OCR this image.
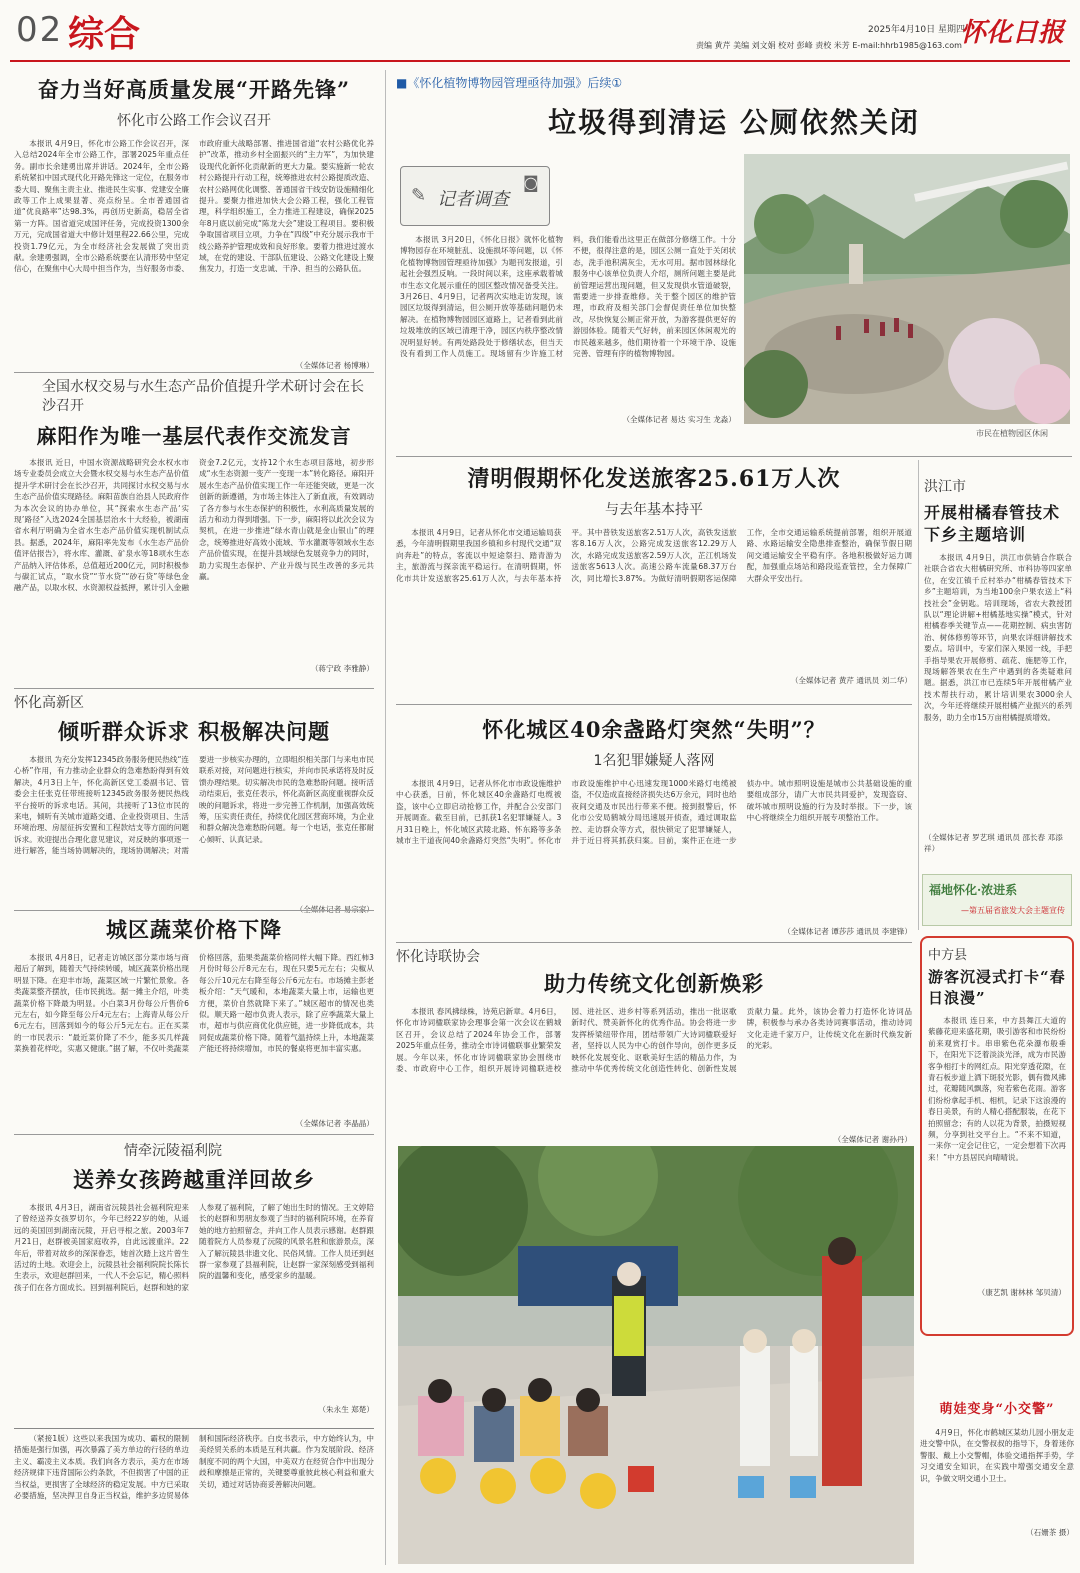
02 综合	2025年4月10日 星期四
怀化日报
责编 黄芹 美编 刘文娟 校对 彭峰 责校 米芳 E-mail:hhrb1985@163.com
奋力当好高质量发展“开路先锋”
怀化市公路工作会议召开
本报讯 4月9日，怀化市公路工作会议召开，深入总结2024年全市公路工作，部署2025年重点任务。副市长余建勇出席并讲话。2024年，全市公路系统紧扣中国式现代化开路先锋这一定位，在服务市委大局、聚焦主责主业、推进民生实事、党建安全廉政等工作上成果显著、亮点纷呈。全市普通国省道“优良路率”达98.3%，再创历史新高，稳居全省第一方阵。国省道完成国评任务，完成投资1300余万元，完成国省道大中修计划里程22.66公里，完成投资1.79亿元，为全市经济社会发展做了突出贡献。余建勇强调，全市公路系统要在认清形势中坚定信心，在聚焦中心大局中担当作为，当好服务市委、市政府重大战略部署、推进国省道“农村公路优化养护”改革，推动乡村全面振兴的“主力军”，为加快建设现代化新怀化贡献新的更大力量。要实施新一轮农村公路提升行动工程，统筹推进农村公路提质改造、农村公路网优化调整、普通国省干线安防设施精细化提升。要聚力推进加快大会公路工程，强化工程管理，科学组织施工，全力推进工程建设，确保2025年8月底以前完成“陈龙大会”建设工程项目。要积极争取国省项目立项，力争在“四级”中充分展示我市干线公路养护管理成效和良好形象。要着力推进过渡水域，在党的建设、干部队伍建设、公路文化建设上聚焦发力，打造一支忠诚、干净、担当的公路队伍。
（全媒体记者 杨博琳）
全国水权交易与水生态产品价值提升学术研讨会在长沙召开
麻阳作为唯一基层代表作交流发言
本报讯 近日，中国水资源战略研究会水权水市场专业委员会成立大会暨水权交易与水生态产品价值提升学术研讨会在长沙召开，共同探讨水权交易与水生态产品价值实现路径。麻阳苗族自治县人民政府作为本次会议的协办单位，其“探索水生态产品‘实现’路径”入选2024全国基层治水十大经验，被湖南省水利厅明确为全省水生态产品价值实现机制试点县。据悉，2024年，麻阳率先发布《水生态产品价值评估报告》，将水库、灌溉、矿泉水等18项水生态产品纳入评估体系，总值超近200亿元，同时积极参与碳汇试点，“取水贷”“节水贷”“砂石贷”等绿色金融产品，以取水权、水资源权益抵押，累计引入金融资金7.2亿元，支持12个水生态项目落地，初步形成“水生态资源一变产一变现一本”转化路径。麻阳开展水生态产品价值实现工作一年还能突破，更是一次创新的新遵循，为市场主体注入了新血液，有效调动了各方参与水生态保护的积极性，水利高质量发展的活力和动力得到增强。下一步，麻阳将以此次会议为契机，在进一步推进“绿水青山就是金山银山”的理念，统筹推进好高效小流域、节水灌溉等领域水生态产品价值实现，在提升县域绿色发展竞争力的同时，助力实现生态保护、产业升级与民生改善的多元共赢。
（蒋宁政 李雅静）
怀化高新区
倾听群众诉求 积极解决问题
本报讯 为充分发挥12345政务服务便民热线“连心桥”作用，有力推动企业群众的急难愁盼得到有效解决，4月3日上午，怀化高新区党工委副书记、管委会主任张克任带班接听12345政务服务便民热线平台接听的诉求电话。其间，共接听了13位市民的来电，倾听有关城市道路交通、企业投资项目、生活环境治理、房屋征拆安置和工程款结支等方面的问题诉求。欢迎提出合理化意见建议，对反映的事项逐一进行解答，能当场协调解决的，现场协调解决；对需要进一步核实办理的，立即组织相关部门与来电市民联系对接，对问题进行核实，并向市民承诺将及时反馈办理结果。切实解决市民的急难愁盼问题。接听活动结束后，张克任表示，怀化高新区高度重视群众反映的问题诉求，将进一步完善工作机制，加强高效统筹，压实责任责任，持续优化园区营商环境，为企业和群众解决急难愁盼问题。每一个电话，张克任都耐心倾听、认真记录。
城区蔬菜价格下降
本报讯 4月8日，记者走访城区部分菜市场与商超后了解到，随着天气持续转暖，城区蔬菜价格出现明显下降。在迎丰市场，蔬菜区域一片繁忙景象。各类蔬菜整齐摆放，佳市民挑选。据一摊主介绍，叶类蔬菜价格下降最为明显。小白菜3月份每公斤售价6元左右，如今降至每公斤4元左右；上海青从每公斤6元左右，回落到如今的每公斤5元左右。正在买菜的一市民表示：“最近菜价降了不少，能多买几样蔬菜换着花样吃，实惠又健康。”据了解，不仅叶类蔬菜价格回落，茄果类蔬菜价格同样大幅下降。西红柿3月份时每公斤8元左右，现在只要5元左右；尖椒从每公斤10元左右降至每公斤6元左右。市场摊主彭老板介绍：“天气暖和，本地蔬菜大量上市，运输也更方便，菜价自然就降下来了。”城区超市的情况也类似。顺天路一超市负责人表示，除了应季蔬菜大量上市，超市与供应商优化供应链，进一步降低成本，共同促成蔬菜价格下降。随着气温持续上升，本地蔬菜产能还将持续增加，市民的餐桌将更加丰富实惠。
（全媒体记者 李晶晶）
情牵沅陵福利院
送养女孩跨越重洋回故乡
本报讯 4月3日，湖南省沅陵县社会福利院迎来了曾经送养女孩罗切尔，今年已经22岁的她，从遥远的美国回到湖南沅陵，开启寻根之旅。2003年7月21日，赵群被美国家庭收养，自此远渡重洋。22年后，带着对故乡的深深眷恋，她首次踏上这片曾生活过的土地。欢迎会上，沅陵县社会福利院院长陈长生表示，欢迎赵群回来，一代人不会忘记，精心照料孩子们在各方面成长。回到福利院后，赵群和她的家人参观了福利院，了解了她出生时的情况。王文婷陪长的赵群和男朋友参观了当时的福利院环境，在养育她的地方拍照留念，并向工作人员表示感谢。赵群跟随着院方人员参观了沅陵的风景名胜和旅游景点，深入了解沅陵县非遗文化、民俗风情。工作人员还到赵群一家参观了县福利院，让赵群一家深刻感受到福利院的温馨和变化，感受家乡的温暖。
（朱永生 郑楚）
（紧接1版）这些以来我国为成功、霸权的限制措施是强行加强，再次暴露了美方单边的行径的单边主义、霸凌主义本质。我们向各方表示，美方在市场经济规律下违背国际公约条款，不但损害了中国的正当权益，更损害了全球经济的稳定发展。中方已采取必要措施，坚决捍卫自身正当权益，维护多边贸易体制和国际经济秩序。白皮书表示，中方始终认为，中美经贸关系的本质是互利共赢。作为发展阶段、经济制度不同的两个大国，中美双方在经贸合作中出现分歧和摩擦是正常的，关键要尊重彼此核心利益和重大关切，通过对话协商妥善解决问题。
■《怀化植物博物园管理亟待加强》后续①
垃圾得到清运 公厕依然关闭
记者调查
✎
◙
本报讯 3月20日，《怀化日报》就怀化植物博物园存在环境脏乱、设施损坏等问题，以《怀化植物博物园管理亟待加强》为题刊发报道，引起社会强烈反响。一段时间以来，这座承载着城市生态文化展示重任的园区整改情况备受关注。3月26日、4月9日，记者两次实地走访发现，该园区垃圾得到清运，但公厕开放等基础问题仍未解决。在植物博物园园区道路上，记者看到此前垃圾堆放的区域已清理干净，园区内秩序整改情况明显好转。有两处路段处于修缮状态，但当天没有看到工作人员施工。现场留有少许施工材料，我们能看出这里正在做部分修缮工作。十分不便，很得注意的是，园区公厕一直处于关闭状态，洗手池积满灰尘，无水可用。据市园林绿化服务中心该单位负责人介绍，厕所问题主要是此前管理运营出现问题，但又发现供水管道破裂，需要进一步排查维修。关于整个园区的维护管理，市政府及相关部门会督促责任单位加快整改，尽快恢复公厕正常开放，为游客提供更好的游园体验。随着天气好转，前来园区休闲观光的市民越来越多，他们期待着一个环境干净、设施完善、管理有序的植物博物园。
（全媒体记者 易达 实习生 龙淼）
市民在植物园区休闲
清明假期怀化发送旅客25.61万人次
与去年基本持平
本报讯 4月9日，记者从怀化市交通运输局获悉，今年清明假期里我国乡镇和乡村现代交通“双向奔赴”的特点，客流以中短途祭扫、踏青游为主，旅游流与探亲流平稳运行。在清明假期，怀化市共计发送旅客25.61万人次，与去年基本持平。其中普铁发送旅客2.51万人次，高铁发送旅客8.16万人次，公路完成发送旅客12.29万人次，水路完成发送旅客2.59万人次，芷江机场发送旅客5613人次。高速公路车流量68.37万台次，同比增长3.87%。为做好清明假期客运保障工作，全市交通运输系统提前部署，组织开展道路、水路运输安全隐患排查整治，确保节假日期间交通运输安全平稳有序。各地积极做好运力调配，加强重点场站和路段巡查管控，全力保障广大群众平安出行。
（全媒体记者 黄芹 通讯员 刘二华）
洪江市
开展柑橘春管技术下乡主题培训
本报讯 4月9日，洪江市供销合作联合社联合省农大柑橘研究所、市科协等四家单位，在安江镇千丘村举办“柑橘春管技术下乡”主题培训，为当地100余户果农送上“科技社会”金钥匙。培训现场，省农大教授团队以“理论讲解+柑橘基地实操”模式，针对柑橘春季关键节点——花期控制、病虫害防治、树体修剪等环节，向果农详细讲解技术要点。培训中，专家们深入果园一线，手把手指导果农开展修剪、疏花、施肥等工作，现场解答果农在生产中遇到的各类疑难问题。据悉，洪江市已连续5年开展柑橘产业技术帮扶行动，累计培训果农3000余人次，今年还将继续开展柑橘产业振兴的系列服务，助力全市15万亩柑橘提质增效。
（全媒体记者 罗艺琪 通讯员 邵长春 邓添祥）
怀化城区40余盏路灯突然“失明”？
1名犯罪嫌疑人落网
本报讯 4月9日，记者从怀化市市政设施维护中心获悉，日前，怀化城区40余盏路灯电缆被盗，该中心立即启动抢修工作，并配合公安部门开展调查。截至目前，已抓获1名犯罪嫌疑人。3月31日晚上，怀化城区武陵北路、怀东路等多条城市主干道夜间40余盏路灯突然“失明”。怀化市市政设施维护中心迅速发现1000米路灯电缆被盗，不仅造成直接经济损失达6万余元，同时也给夜间交通及市民出行带来不便。接到报警后，怀化市公安局鹤城分局迅速展开侦查，通过调取监控、走访群众等方式，很快锁定了犯罪嫌疑人，并于近日将其抓获归案。目前，案件正在进一步侦办中。城市照明设施是城市公共基础设施的重要组成部分，请广大市民共同爱护，发现盗窃、破坏城市照明设施的行为及时举报。下一步，该中心将继续全力组织开展专项整治工作。
（全媒体记者 谭莎莎 通讯员 李建锋）
福地怀化·浓进系
—第五届省旅发大会主题宣传
中方县
游客沉浸式打卡“春日浪漫”
本报讯 连日来，中方县舞江大道的紫藤花迎来盛花期，吸引游客和市民纷纷前来观赏打卡。串串紫色花朵瀑布般垂下，在阳光下泛着淡淡光泽，成为市民游客争相打卡的网红点。阳光穿透花隙，在青石板步道上洒下斑驳光影，偶有微风拂过，花瓣随风飘落，宛若紫色花雨。游客们纷纷拿起手机、相机，记录下这浪漫的春日美景，有的人精心搭配服装，在花下拍照留念；有的人以花为背景，拍摄短视频，分享到社交平台上。“不来不知道，一来你一定会记住它，一定会想着下次再来！”中方县居民向晴晴说。
（康艺凯 谢林林 邹贝清）
怀化诗联协会
助力传统文化创新焕彩
本报讯 春风拂绿株，诗苑启新章。4月6日，怀化市诗词楹联家协会理事会第一次会议在鹤城区召开，会议总结了2024年协会工作，部署2025年重点任务，推动全市诗词楹联事业繁荣发展。今年以来，怀化市诗词楹联家协会围绕市委、市政府中心工作，组织开展诗词楹联进校园、进社区、进乡村等系列活动，推出一批讴歌新时代、赞美新怀化的优秀作品。协会将进一步发挥桥梁纽带作用，团结带领广大诗词楹联爱好者，坚持以人民为中心的创作导向，创作更多反映怀化发展变化、讴歌美好生活的精品力作，为推动中华优秀传统文化创造性转化、创新性发展贡献力量。此外，该协会着力打造怀化诗词品牌，积极参与承办各类诗词赛事活动，推动诗词文化走进千家万户，让传统文化在新时代焕发新的光彩。
（全媒体记者 谢孙丹）
萌娃变身“小交警”
4月9日，怀化市鹤城区某幼儿园小朋友走进交警中队，在交警叔叔的指导下，身着迷你警服、戴上小交警帽，体验交通指挥手势，学习交通安全知识，在实践中增强交通安全意识，争做文明交通小卫士。
（石姗茶 摄）
